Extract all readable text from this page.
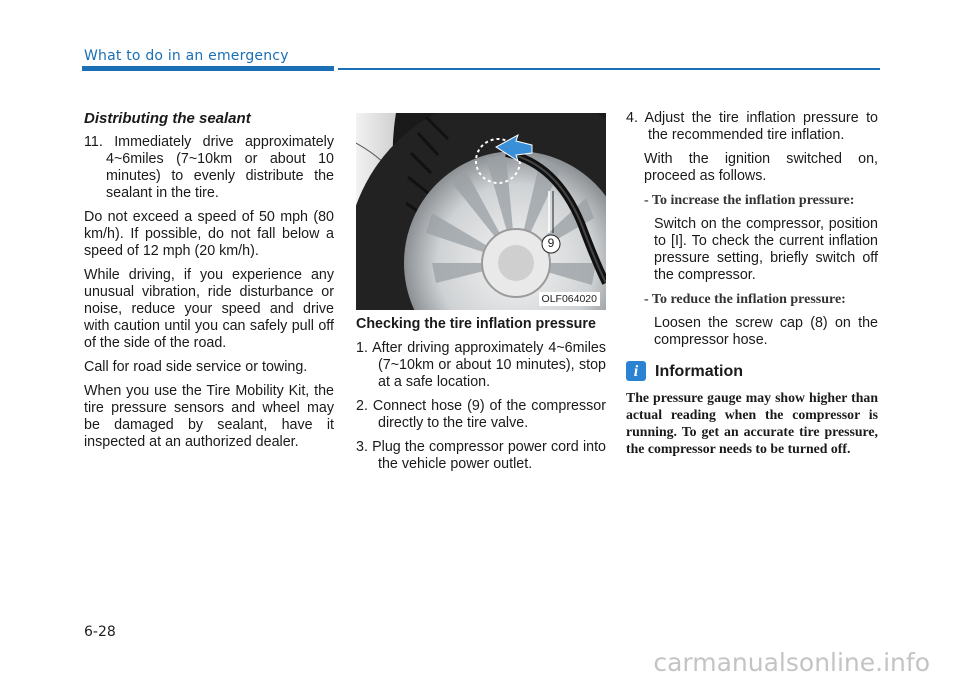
What to do in an emergency

Distributing the sealant

11. Immediately drive approximately 4~6miles (7~10km or about 10 minutes) to evenly distribute the sealant in the tire.

Do not exceed a speed of 50 mph (80 km/h). If possible, do not fall below a speed of 12 mph (20 km/h).

While driving, if you experience any unusual vibration, ride disturbance or noise, reduce your speed and drive with caution until you can safely pull off of the side of the road.

Call for road side service or towing.

When you use the Tire Mobility Kit, the tire pressure sensors and wheel may be damaged by sealant, have it inspected at an authorized dealer.

9
OLF064020

Checking the tire inflation pressure

1. After driving approximately 4~6miles (7~10km or about 10 minutes), stop at a safe location.

2. Connect hose (9) of the compressor directly to the tire valve.

3. Plug the compressor power cord into the vehicle power outlet.

4. Adjust the tire inflation pressure to the recommended tire inflation.

With the ignition switched on, proceed as follows.

- To increase the inflation pressure:

Switch on the compressor, position to [I]. To check the current inflation pressure setting, briefly switch off the compressor.

- To reduce the inflation pressure:

Loosen the screw cap (8) on the compressor hose.

i	Information

The pressure gauge may show higher than actual reading when the compressor is running. To get an accurate tire pressure, the compressor needs to be turned off.

6-28
carmanualsonline.info
